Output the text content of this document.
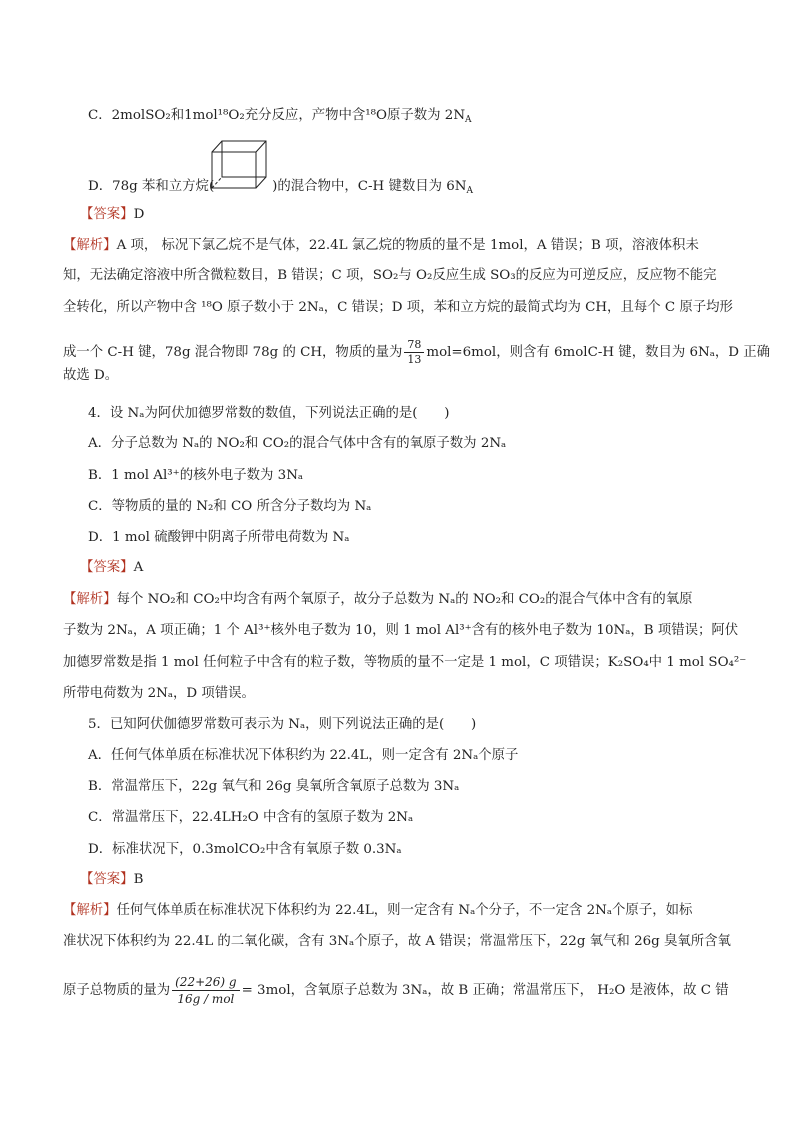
C．2molSO₂和1mol¹⁸O₂充分反应，产物中含¹⁸O原子数为 $2N_A$
D．78g 苯和立方烷(	)的混合物中，C-H 键数目为 $6N_A$
【答案】D
【解析】A 项， 标况下氯乙烷不是气体，22.4L 氯乙烷的物质的量不是 1mol，A 错误；B 项，溶液体积未
知，无法确定溶液中所含微粒数目，B 错误；C 项，SO₂与 O₂反应生成 SO₃的反应为可逆反应，反应物不能完
全转化，所以产物中含 ¹⁸O 原子数小于 2Nₐ，C 错误；D 项，苯和立方烷的最简式均为 CH，且每个 C 原子均形
成一个 C-H 键，78g 混合物即 78g 的 CH，物质的量为 $\frac{78}{13} mol=6mol$，则含有 6molC-H 键，数目为 6Nₐ，D 正确
故选 D。
4．设 Nₐ为阿伏加德罗常数的数值，下列说法正确的是(　　)
A．分子总数为 Nₐ的 NO₂和 CO₂的混合气体中含有的氧原子数为 2Nₐ
B．1 mol Al³⁺的核外电子数为 3Nₐ
C．等物质的量的 N₂和 CO 所含分子数均为 Nₐ
D．1 mol 硫酸钾中阴离子所带电荷数为 Nₐ
【答案】A
【解析】每个 NO₂和 CO₂中均含有两个氧原子，故分子总数为 Nₐ的 NO₂和 CO₂的混合气体中含有的氧原
子数为 2Nₐ，A 项正确；1 个 Al³⁺核外电子数为 10，则 1 mol Al³⁺含有的核外电子数为 10Nₐ，B 项错误；阿伏
加德罗常数是指 1 mol 任何粒子中含有的粒子数，等物质的量不一定是 1 mol，C 项错误；K₂SO₄中 1 mol SO₄²⁻
所带电荷数为 2Nₐ，D 项错误。
5．已知阿伏伽德罗常数可表示为 Nₐ，则下列说法正确的是(　　)
A．任何气体单质在标准状况下体积约为 22.4L，则一定含有 2Nₐ个原子
B．常温常压下，22g 氧气和 26g 臭氧所含氧原子总数为 3Nₐ
C．常温常压下，22.4LH₂O 中含有的氢原子数为 2Nₐ
D．标准状况下，0.3molCO₂中含有氧原子数 0.3Nₐ
【答案】B
【解析】任何气体单质在标准状况下体积约为 22.4L，则一定含有 Nₐ个分子，不一定含 2Nₐ个原子，如标
准状况下体积约为 22.4L 的二氧化碳，含有 3Nₐ个原子，故 A 错误；常温常压下，22g 氧气和 26g 臭氧所含氧
原子总物质的量为 $\frac{(22+26) g}{\text{16g / mol}} = 3mol$，含氧原子总数为 3Nₐ，故 B 正确；常温常压下， H₂O 是液体，故 C 错
